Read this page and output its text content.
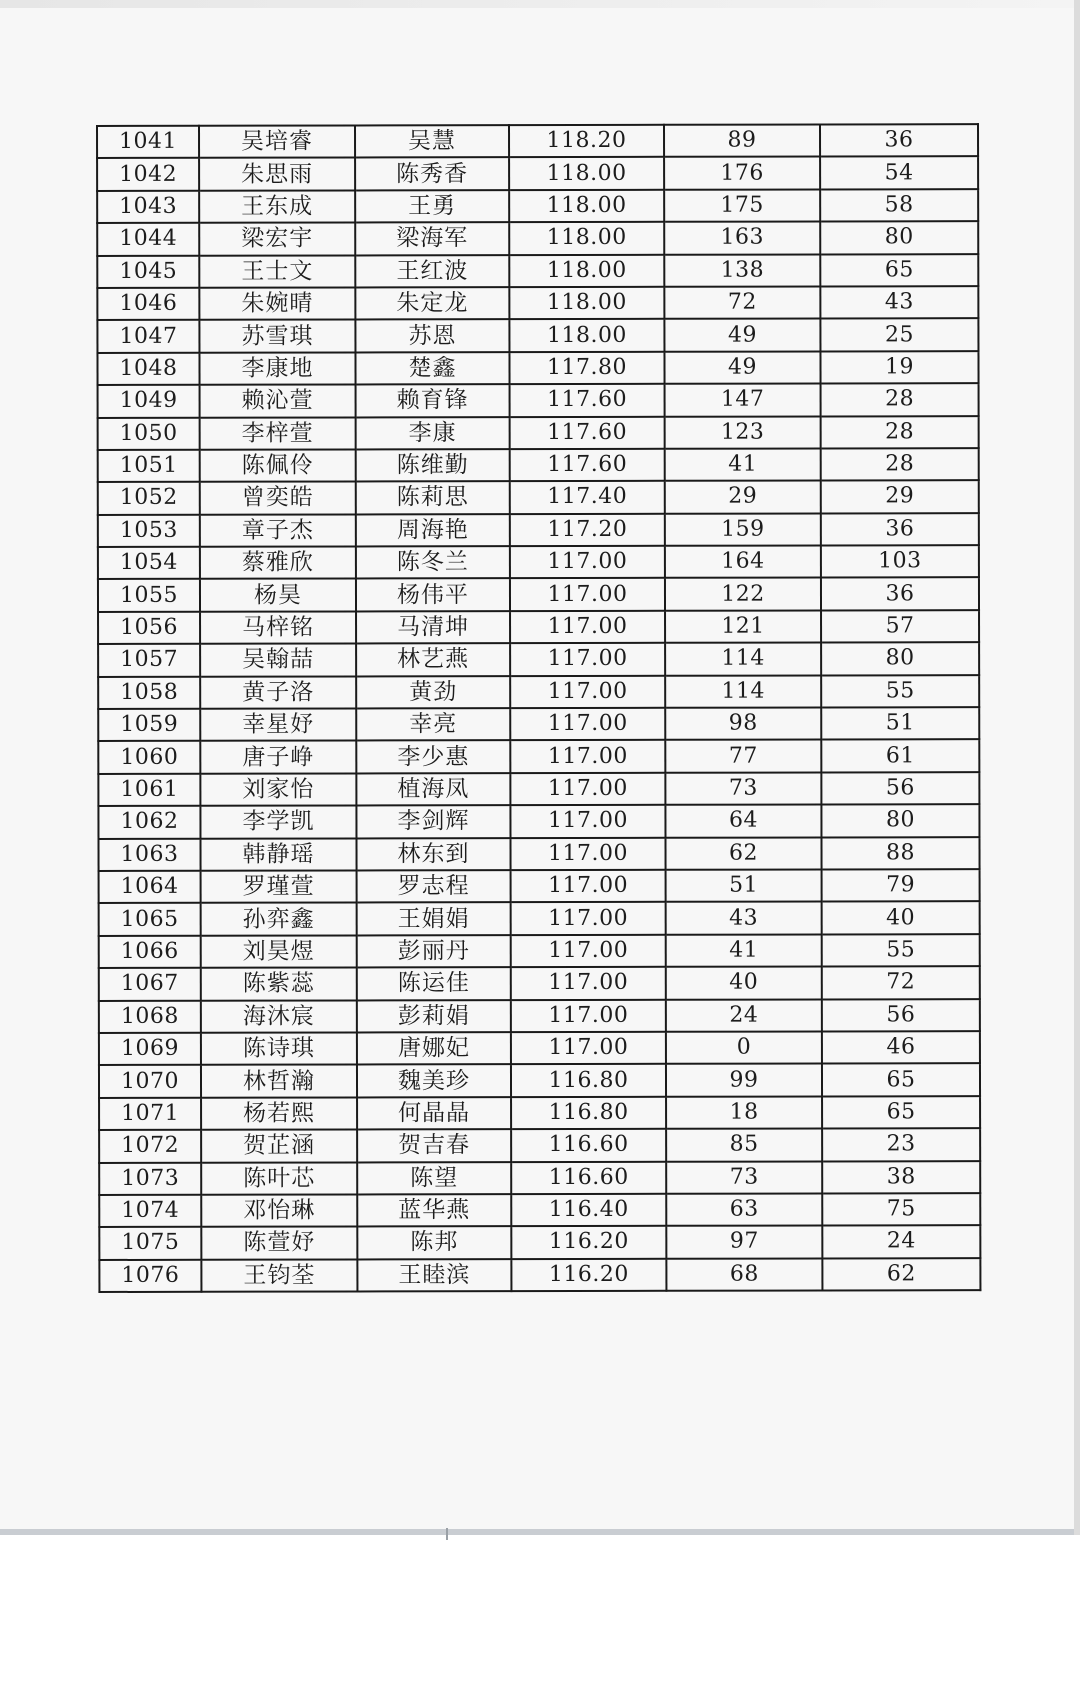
1041	吴培睿	吴慧	118.20	89	36
1042	朱思雨	陈秀香	118.00	176	54
1043	王东成	王勇	118.00	175	58
1044	梁宏宇	梁海军	118.00	163	80
1045	王士文	王红波	118.00	138	65
1046	朱婉晴	朱定龙	118.00	72	43
1047	苏雪琪	苏恩	118.00	49	25
1048	李康地	楚鑫	117.80	49	19
1049	赖沁萱	赖育锋	117.60	147	28
1050	李梓萱	李康	117.60	123	28
1051	陈佩伶	陈维勤	117.60	41	28
1052	曾奕皓	陈莉思	117.40	29	29
1053	章子杰	周海艳	117.20	159	36
1054	蔡雅欣	陈冬兰	117.00	164	103
1055	杨昊	杨伟平	117.00	122	36
1056	马梓铭	马清坤	117.00	121	57
1057	吴翰喆	林艺燕	117.00	114	80
1058	黄子洛	黄劲	117.00	114	55
1059	幸星妤	幸亮	117.00	98	51
1060	唐子峥	李少惠	117.00	77	61
1061	刘家怡	植海凤	117.00	73	56
1062	李学凯	李剑辉	117.00	64	80
1063	韩静瑶	林东到	117.00	62	88
1064	罗瑾萱	罗志程	117.00	51	79
1065	孙弈鑫	王娟娟	117.00	43	40
1066	刘昊煜	彭丽丹	117.00	41	55
1067	陈紫蕊	陈运佳	117.00	40	72
1068	海沐宸	彭莉娟	117.00	24	56
1069	陈诗琪	唐娜妃	117.00	0	46
1070	林哲瀚	魏美珍	116.80	99	65
1071	杨若熙	何晶晶	116.80	18	65
1072	贺芷涵	贺吉春	116.60	85	23
1073	陈叶芯	陈望	116.60	73	38
1074	邓怡琳	蓝华燕	116.40	63	75
1075	陈萱妤	陈邦	116.20	97	24
1076	王钧荃	王睦滨	116.20	68	62
